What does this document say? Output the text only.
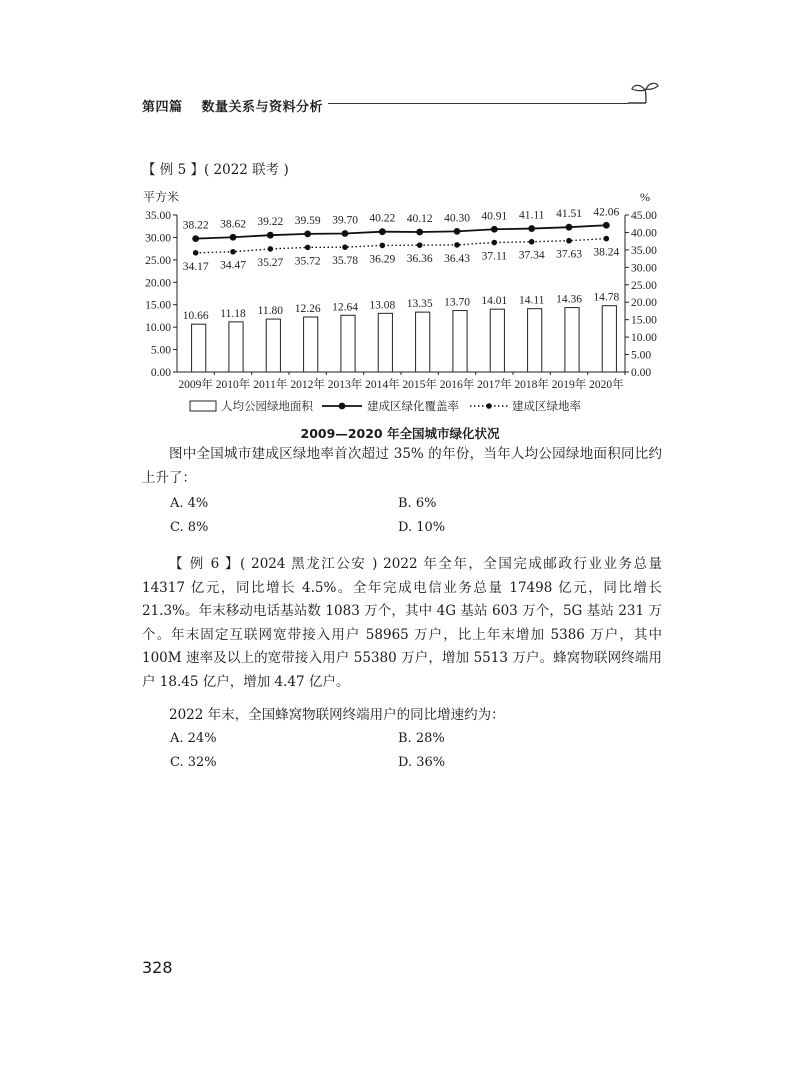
第四篇 数量关系与资料分析
【 例 5 】( 2022 联考 )
平方米	%
0.00
5.00
10.00
15.00
20.00
25.00
30.00
35.00
0.00
5.00
10.00
15.00
20.00
25.00
30.00
35.00
40.00
45.00
2009年 2010年 2011年 2012年 2013年 2014年 2015年 2016年 2017年 2018年 2019年 2020年
10.66 11.18 11.80 12.26 12.64 13.08 13.35 13.70 14.01 14.11 14.36 14.78
38.22 38.62 39.22 39.59 39.70 40.22 40.12 40.30 40.91 41.11 41.51 42.06
34.17 34.47 35.27 35.72 35.78 36.29 36.36 36.43 37.11 37.34 37.63 38.24
人均公园绿地面积	建成区绿化覆盖率	建成区绿地率
2009—2020 年全国城市绿化状况
图中全国城市建成区绿地率首次超过 35% 的年份，当年人均公园绿地面积同比约上升了：
A. 4%	B. 6%
C. 8%	D. 10%
【 例 6 】( 2024 黑龙江公安 ) 2022 年全年，全国完成邮政行业业务总量 14317 亿元，同比增长 4.5%。全年完成电信业务总量 17498 亿元，同比增长 21.3%。年末移动电话基站数 1083 万个，其中 4G 基站 603 万个，5G 基站 231 万个。年末固定互联网宽带接入用户 58965 万户，比上年末增加 5386 万户，其中 100M 速率及以上的宽带接入用户 55380 万户，增加 5513 万户。蜂窝物联网终端用户 18.45 亿户，增加 4.47 亿户。
2022 年末，全国蜂窝物联网终端用户的同比增速约为：
A. 24%	B. 28%
C. 32%	D. 36%
328
